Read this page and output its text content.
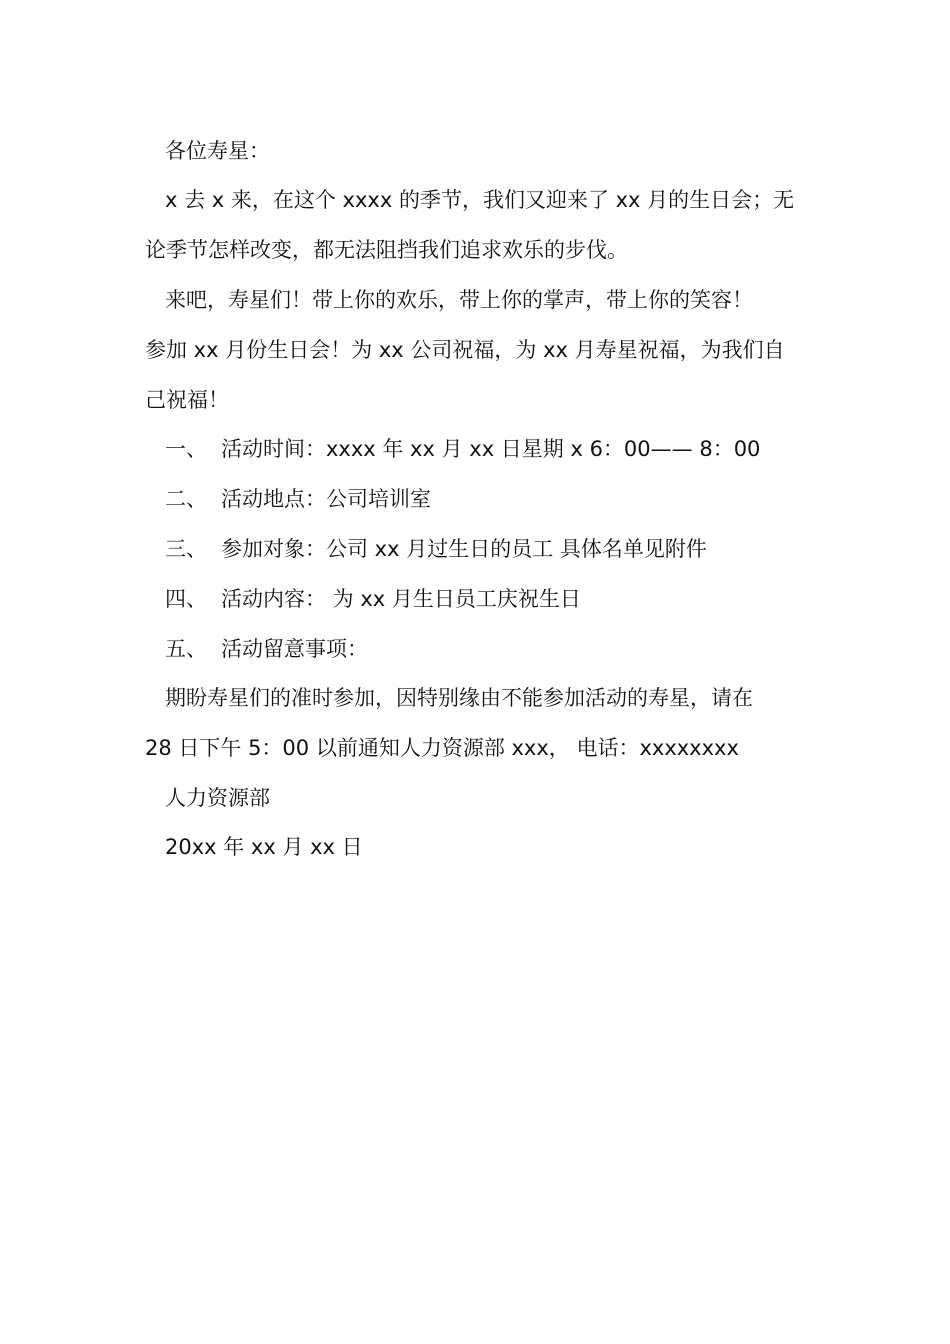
各位寿星：
x 去 x 来，在这个 xxxx 的季节，我们又迎来了 xx 月的生日会；无
论季节怎样改变，都无法阻挡我们追求欢乐的步伐。
来吧，寿星们！带上你的欢乐，带上你的掌声，带上你的笑容！
参加 xx 月份生日会！为 xx 公司祝福，为 xx 月寿星祝福，为我们自
己祝福！
一、 活动时间：xxxx 年 xx 月 xx 日星期 x 6：00—— 8：00
二、 活动地点：公司培训室
三、 参加对象：公司 xx 月过生日的员工 具体名单见附件
四、 活动内容： 为 xx 月生日员工庆祝生日
五、 活动留意事项：
期盼寿星们的准时参加，因特别缘由不能参加活动的寿星，请在
28 日下午 5：00 以前通知人力资源部 xxx， 电话：xxxxxxxx
人力资源部
20xx 年 xx 月 xx 日
